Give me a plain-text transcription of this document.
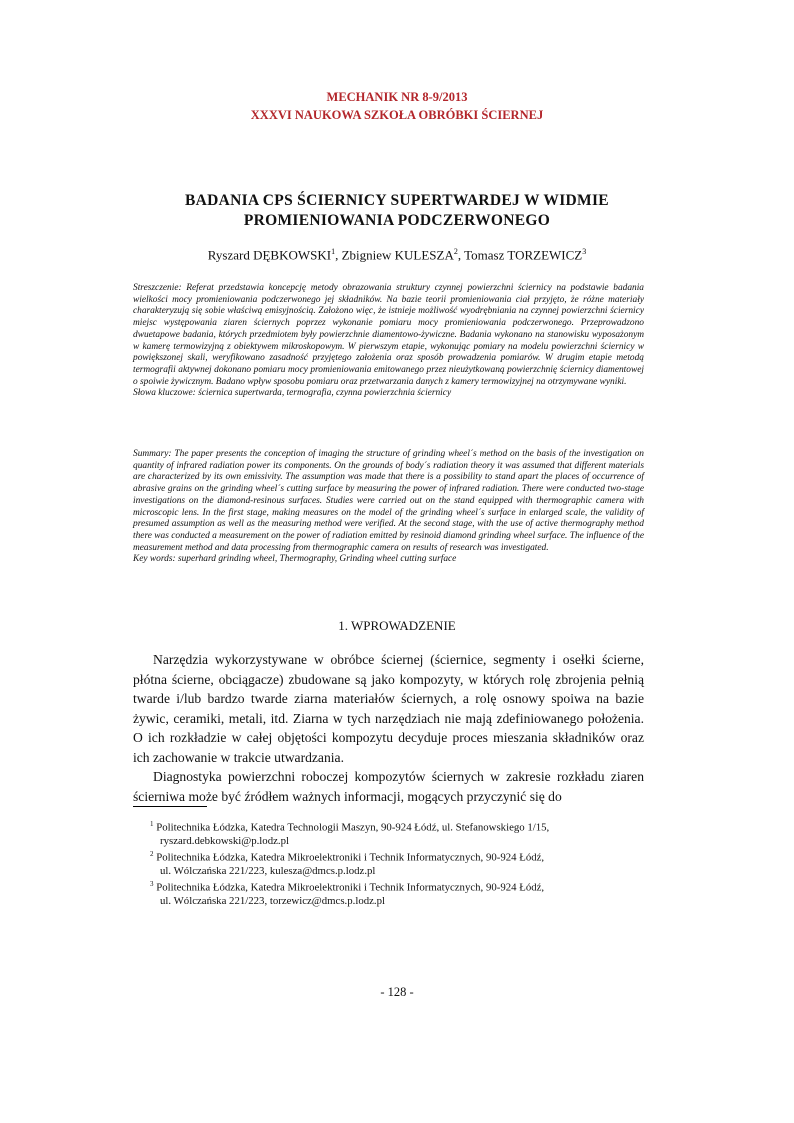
MECHANIK NR 8-9/2013
XXXVI NAUKOWA SZKOŁA OBRÓBKI ŚCIERNEJ
BADANIA CPS ŚCIERNICY SUPERTWARDEJ W WIDMIE
PROMIENIOWANIA PODCZERWONEGO
Ryszard DĘBKOWSKI$^1$, Zbigniew KULESZA$^2$, Tomasz TORZEWICZ$^3$
Streszczenie: Referat przedstawia koncepcję metody obrazowania struktury czynnej powierzchni ściernicy na podstawie badania wielkości mocy promieniowania podczerwonego jej składników. Na bazie teorii promieniowania ciał przyjęto, że różne materiały charakteryzują się sobie właściwą emisyjnością. Założono więc, że istnieje możliwość wyodrębniania na czynnej powierzchni ściernicy miejsc występowania ziaren ściernych poprzez wykonanie pomiaru mocy promieniowania podczerwonego. Przeprowadzono dwuetapowe badania, których przedmiotem były powierzchnie diamentowo-żywiczne. Badania wykonano na stanowisku wyposażonym w kamerę termowizyjną z obiektywem mikroskopowym. W pierwszym etapie, wykonując pomiary na modelu powierzchni ściernicy w powiększonej skali, weryfikowano zasadność przyjętego założenia oraz sposób prowadzenia pomiarów. W drugim etapie metodą termografii aktywnej dokonano pomiaru mocy promieniowania emitowanego przez nieużytkowaną powierzchnię ściernicy diamentowej o spoiwie żywicznym. Badano wpływ sposobu pomiaru oraz przetwarzania danych z kamery termowizyjnej na otrzymywane wyniki.
Słowa kluczowe: ściernica supertwarda, termografia, czynna powierzchnia ściernicy
Summary: The paper presents the conception of imaging the structure of grinding wheel´s method on the basis of the investigation on quantity of infrared radiation power its components. On the grounds of body´s radiation theory it was assumed that different materials are characterized by its own emissivity. The assumption was made that there is a possibility to stand apart the places of occurrence of abrasive grains on the grinding wheel´s cutting surface by measuring the power of infrared radiation. There were conducted two-stage investigations on the diamond-resinous surfaces. Studies were carried out on the stand equipped with thermographic camera with microscopic lens. In the first stage, making measures on the model of the grinding wheel´s surface in enlarged scale, the validity of presumed assumption as well as the measuring method were verified. At the second stage, with the use of active thermography method there was conducted a measurement on the power of radiation emitted by resinoid diamond grinding wheel surface. The influence of the measurement method and data processing from thermographic camera on results of research was investigated.
Key words: superhard grinding wheel, Thermography, Grinding wheel cutting surface
1. WPROWADZENIE

Narzędzia wykorzystywane w obróbce ściernej (ściernice, segmenty i osełki ścierne, płótna ścierne, obciągacze) zbudowane są jako kompozyty, w których rolę zbrojenia pełnią twarde i/lub bardzo twarde ziarna materiałów ściernych, a rolę osnowy spoiwa na bazie żywic, ceramiki, metali, itd. Ziarna w tych narzędziach nie mają zdefiniowanego położenia. O ich rozkładzie w całej objętości kompozytu decyduje proces mieszania składników oraz ich zachowanie w trakcie utwardzania.

Diagnostyka powierzchni roboczej kompozytów ściernych w zakresie rozkładu ziaren ścierniwa może być źródłem ważnych informacji, mogących przyczynić się do

$^1$ Politechnika Łódzka, Katedra Technologii Maszyn, 90-924 Łódź, ul. Stefanowskiego 1/15,
ryszard.debkowski@p.lodz.pl
$^2$ Politechnika Łódzka, Katedra Mikroelektroniki i Technik Informatycznych, 90-924 Łódź,
ul. Wólczańska 221/223, kulesza@dmcs.p.lodz.pl
$^3$ Politechnika Łódzka, Katedra Mikroelektroniki i Technik Informatycznych, 90-924 Łódź,
ul. Wólczańska 221/223, torzewicz@dmcs.p.lodz.pl
- 128 -
